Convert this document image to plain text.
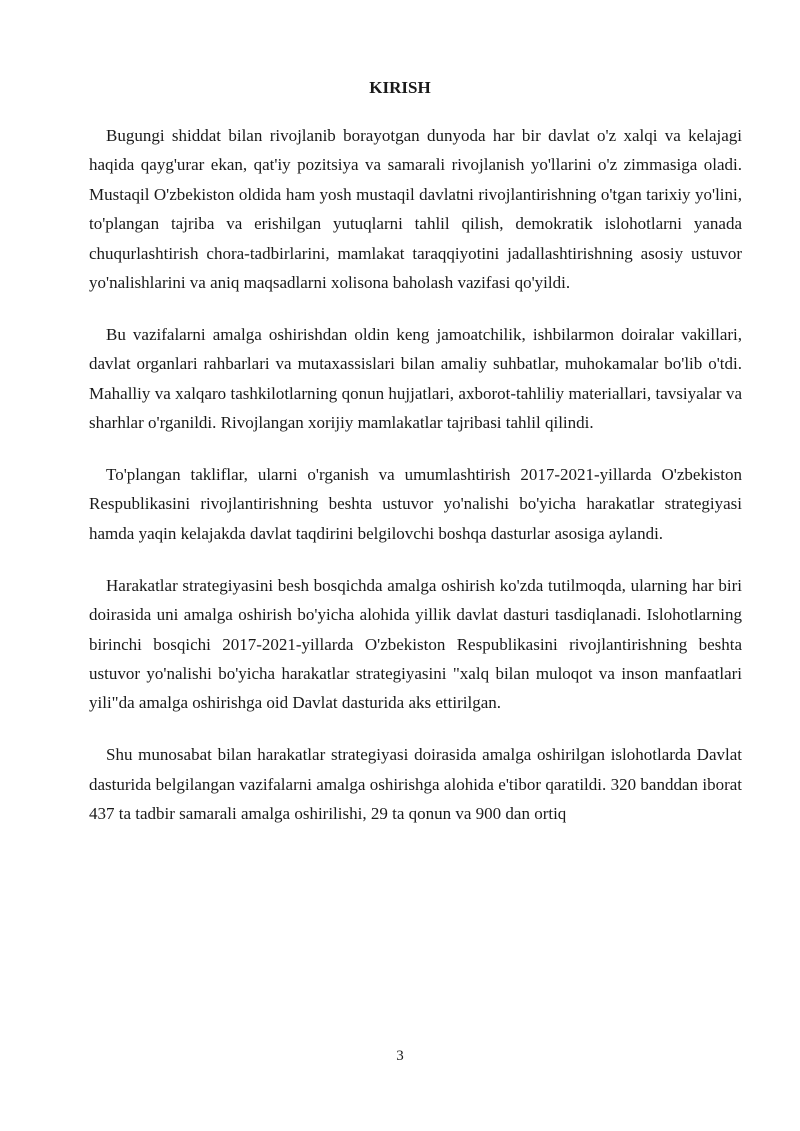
KIRISH

Bugungi shiddat bilan rivojlanib borayotgan dunyoda har bir davlat o'z xalqi va kelajagi haqida qayg'urar ekan, qat'iy pozitsiya va samarali rivojlanish yo'llarini o'z zimmasiga oladi. Mustaqil O'zbekiston oldida ham yosh mustaqil davlatni rivojlantirishning o'tgan tarixiy yo'lini, to'plangan tajriba va erishilgan yutuqlarni tahlil qilish, demokratik islohotlarni yanada chuqurlashtirish chora-tadbirlarini, mamlakat taraqqiyotini jadallashtirishning asosiy ustuvor yo'nalishlarini va aniq maqsadlarni xolisona baholash vazifasi qo'yildi.

Bu vazifalarni amalga oshirishdan oldin keng jamoatchilik, ishbilarmon doiralar vakillari, davlat organlari rahbarlari va mutaxassislari bilan amaliy suhbatlar, muhokamalar bo'lib o'tdi. Mahalliy va xalqaro tashkilotlarning qonun hujjatlari, axborot-tahliliy materiallari, tavsiyalar va sharhlar o'rganildi. Rivojlangan xorijiy mamlakatlar tajribasi tahlil qilindi.

To'plangan takliflar, ularni o'rganish va umumlashtirish 2017-2021-yillarda O'zbekiston Respublikasini rivojlantirishning beshta ustuvor yo'nalishi bo'yicha harakatlar strategiyasi hamda yaqin kelajakda davlat taqdirini belgilovchi boshqa dasturlar asosiga aylandi.

Harakatlar strategiyasini besh bosqichda amalga oshirish ko'zda tutilmoqda, ularning har biri doirasida uni amalga oshirish bo'yicha alohida yillik davlat dasturi tasdiqlanadi. Islohotlarning birinchi bosqichi 2017-2021-yillarda O'zbekiston Respublikasini rivojlantirishning beshta ustuvor yo'nalishi bo'yicha harakatlar strategiyasini "xalq bilan muloqot va inson manfaatlari yili"da amalga oshirishga oid Davlat dasturida aks ettirilgan.

Shu munosabat bilan harakatlar strategiyasi doirasida amalga oshirilgan islohotlarda Davlat dasturida belgilangan vazifalarni amalga oshirishga alohida e'tibor qaratildi. 320 banddan iborat 437 ta tadbir samarali amalga oshirilishi, 29 ta qonun va 900 dan ortiq

3
